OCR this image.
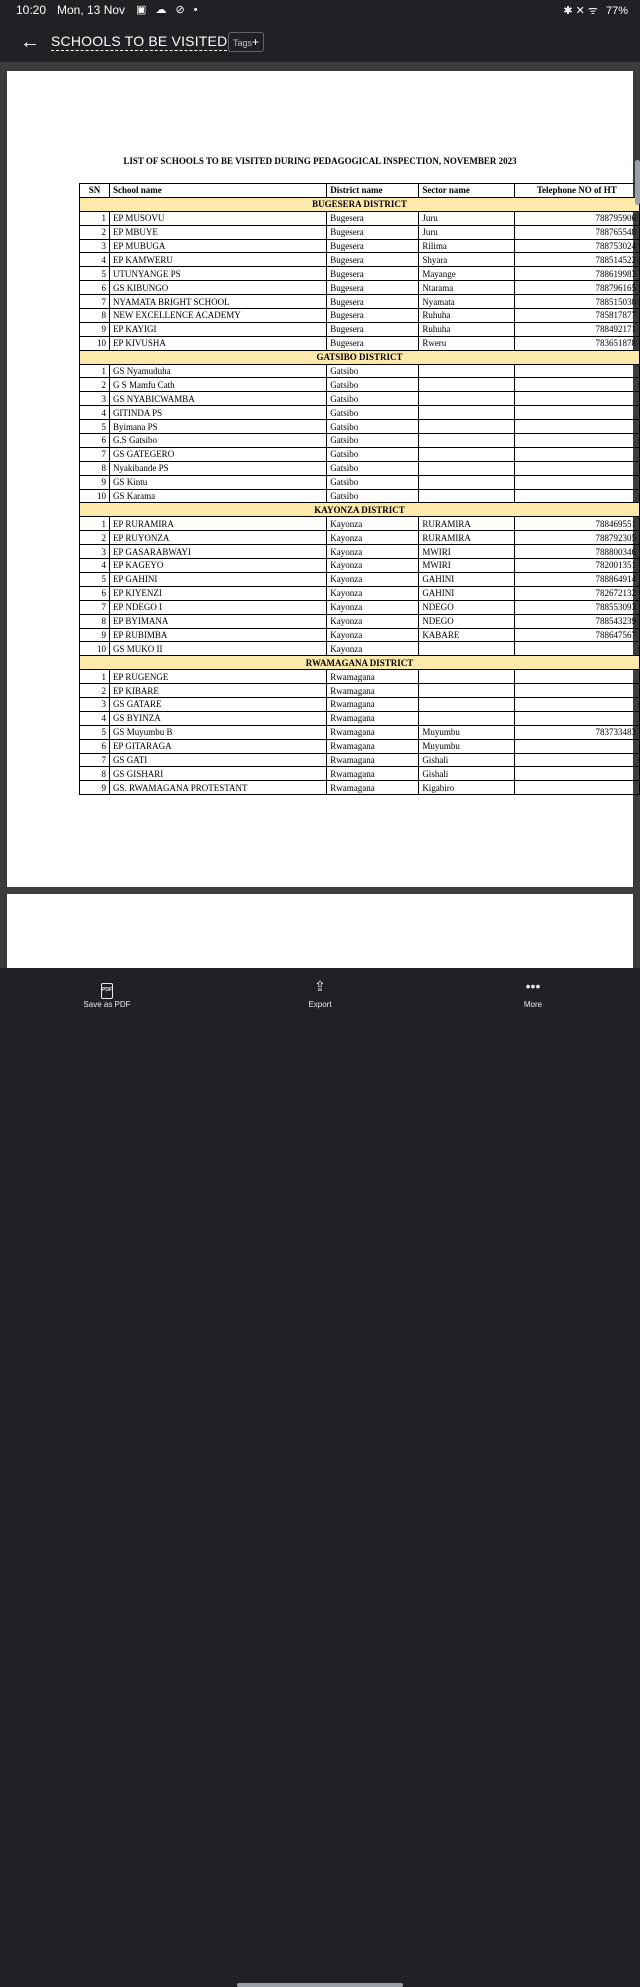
10:20 Mon, 13 Nov ▣ ☁ ⊘ •	✱ ✕ ᯤ 77%
← SCHOOLS TO BE VISITED Tags+
LIST OF SCHOOLS TO BE VISITED DURING PEDAGOGICAL INSPECTION, NOVEMBER 2023
SN	School name	District name	Sector name	Telephone NO of HT
BUGESERA DISTRICT				
1	EP MUSOVU	Bugesera	Juru	788795906
2	EP MBUYE	Bugesera	Juru	788765548
3	EP MUBUGA	Bugesera	Rilima	788753024
4	EP KAMWERU	Bugesera	Shyara	788514522
5	UTUNYANGE PS	Bugesera	Mayange	788619983
6	GS KIBUNGO	Bugesera	Ntarama	788796165
7	NYAMATA BRIGHT SCHOOL	Bugesera	Nyamata	788515030
8	NEW EXCELLENCE ACADEMY	Bugesera	Ruhuha	785817877
9	EP KAYIGI	Bugesera	Ruhuha	788492171
10	EP KIVUSHA	Bugesera	Rweru	783651878
GATSIBO DISTRICT				
1	GS Nyamuduha	Gatsibo		
2	G S Mamfu Cath	Gatsibo		
3	GS NYABICWAMBA	Gatsibo		
4	GITINDA PS	Gatsibo		
5	Byimana PS	Gatsibo		
6	G.S Gatsibo	Gatsibo		
7	GS GATEGERO	Gatsibo		
8	Nyakibande PS	Gatsibo		
9	GS Kintu	Gatsibo		
10	GS Karama	Gatsibo		
KAYONZA DISTRICT				
1	EP RURAMIRA	Kayonza	RURAMIRA	788469551
2	EP RUYONZA	Kayonza	RURAMIRA	788792305
3	EP GASARABWAYI	Kayonza	MWIRI	788800346
4	EP KAGEYO	Kayonza	MWIRI	782001351
5	EP GAHINI	Kayonza	GAHINI	788864914
6	EP KIYENZI	Kayonza	GAHINI	782672132
7	EP NDEGO I	Kayonza	NDEGO	788553093
8	EP BYIMANA	Kayonza	NDEGO	788543239
9	EP RUBIMBA	Kayonza	KABARE	788647567
10	GS MUKO II	Kayonza		
RWAMAGANA DISTRICT				
1	EP RUGENGE	Rwamagana		
2	EP KIBARE	Rwamagana		
3	GS GATARE	Rwamagana		
4	GS BYINZA	Rwamagana		
5	GS Muyumbu B	Rwamagana	Muyumbu	783733483
6	EP GITARAGA	Rwamagana	Muyumbu	
7	GS GATI	Rwamagana	Gishali	
8	GS GISHARI	Rwamagana	Gishali	
9	GS. RWAMAGANA PROTESTANT	Rwamagana	Kigabiro	
PDF
Save as PDF
⇪
Export
•••
More
